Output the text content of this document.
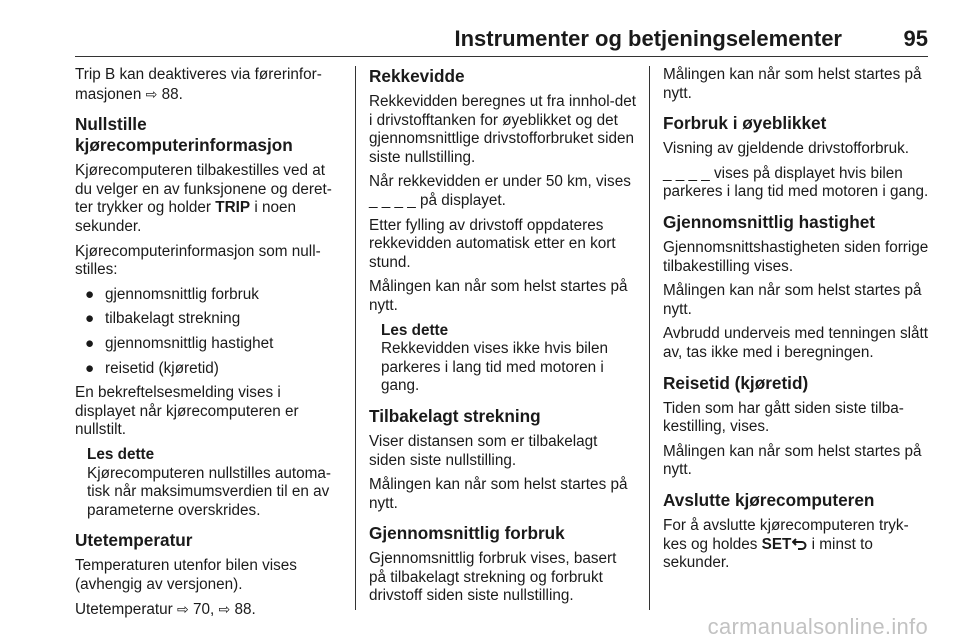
Instrumenter og betjeningselementer	95

Trip B kan deaktiveres via førerinfor-masjonen ⇨ 88.

Nullstille kjørecomputerinformasjon

Kjørecomputeren tilbakestilles ved at du velger en av funksjonene og deret-ter trykker og holder TRIP i noen sekunder.

Kjørecomputerinformasjon som null-stilles:

● gjennomsnittlig forbruk
● tilbakelagt strekning
● gjennomsnittlig hastighet
● reisetid (kjøretid)

En bekreftelsesmelding vises i displayet når kjørecomputeren er nullstilt.

Les dette
Kjørecomputeren nullstilles automa-tisk når maksimumsverdien til en av parameterne overskrides.
Utetemperatur

Temperaturen utenfor bilen vises (avhengig av versjonen).

Utetemperatur ⇨ 70, ⇨ 88.

Rekkevidde

Rekkevidden beregnes ut fra innhol-det i drivstofftanken for øyeblikket og det gjennomsnittlige drivstofforbruket siden siste nullstilling.

Når rekkevidden er under 50 km, vises _ _ _ _ på displayet.

Etter fylling av drivstoff oppdateres rekkevidden automatisk etter en kort stund.

Målingen kan når som helst startes på nytt.

Les dette
Rekkevidden vises ikke hvis bilen parkeres i lang tid med motoren i gang.
Tilbakelagt strekning

Viser distansen som er tilbakelagt siden siste nullstilling.

Målingen kan når som helst startes på nytt.

Gjennomsnittlig forbruk

Gjennomsnittlig forbruk vises, basert på tilbakelagt strekning og forbrukt drivstoff siden siste nullstilling.

Målingen kan når som helst startes på nytt.

Forbruk i øyeblikket

Visning av gjeldende drivstofforbruk.

_ _ _ _ vises på displayet hvis bilen parkeres i lang tid med motoren i gang.

Gjennomsnittlig hastighet

Gjennomsnittshastigheten siden forrige tilbakestilling vises.

Målingen kan når som helst startes på nytt.

Avbrudd underveis med tenningen slått av, tas ikke med i beregningen.

Reisetid (kjøretid)

Tiden som har gått siden siste tilba-kestilling, vises.

Målingen kan når som helst startes på nytt.

Avslutte kjørecomputeren

For å avslutte kjørecomputeren tryk-kes og holdes SET i minst to sekunder.

carmanualsonline.info
